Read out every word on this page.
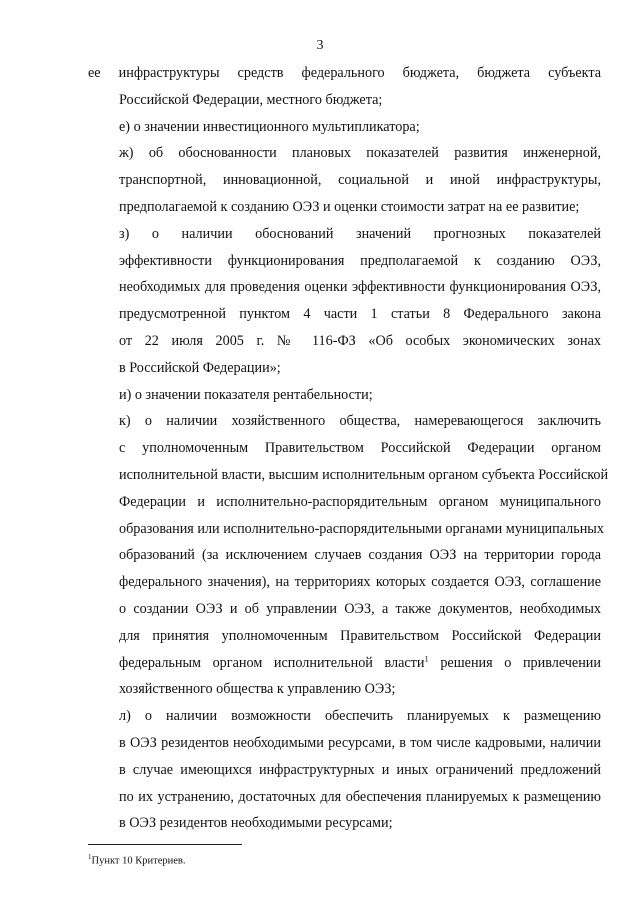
3

ее инфраструктуры средств федерального бюджета, бюджета субъекта
Российской Федерации, местного бюджета;

е) о значении инвестиционного мультипликатора;

ж) об обоснованности плановых показателей развития инженерной,
транспортной, инновационной, социальной и иной инфраструктуры,
предполагаемой к созданию ОЭЗ и оценки стоимости затрат на ее развитие;

з) о наличии обоснований значений прогнозных показателей
эффективности функционирования предполагаемой к созданию ОЭЗ,
необходимых для проведения оценки эффективности функционирования ОЭЗ,
предусмотренной пунктом 4 части 1 статьи 8 Федерального закона
от 22 июля 2005 г. № 116-ФЗ «Об особых экономических зонах
в Российской Федерации»;

и) о значении показателя рентабельности;

к) о наличии хозяйственного общества, намеревающегося заключить
с уполномоченным Правительством Российской Федерации органом
исполнительной власти, высшим исполнительным органом субъекта Российской
Федерации и исполнительно-распорядительным органом муниципального
образования или исполнительно-распорядительными органами муниципальных
образований (за исключением случаев создания ОЭЗ на территории города
федерального значения), на территориях которых создается ОЭЗ, соглашение
о создании ОЭЗ и об управлении ОЭЗ, а также документов, необходимых
для принятия уполномоченным Правительством Российской Федерации
федеральным органом исполнительной власти$^1$ решения о привлечении
хозяйственного общества к управлению ОЭЗ;

л) о наличии возможности обеспечить планируемых к размещению
в ОЭЗ резидентов необходимыми ресурсами, в том числе кадровыми, наличии
в случае имеющихся инфраструктурных и иных ограничений предложений
по их устранению, достаточных для обеспечения планируемых к размещению
в ОЭЗ резидентов необходимыми ресурсами;

$^1$Пункт 10 Критериев.
